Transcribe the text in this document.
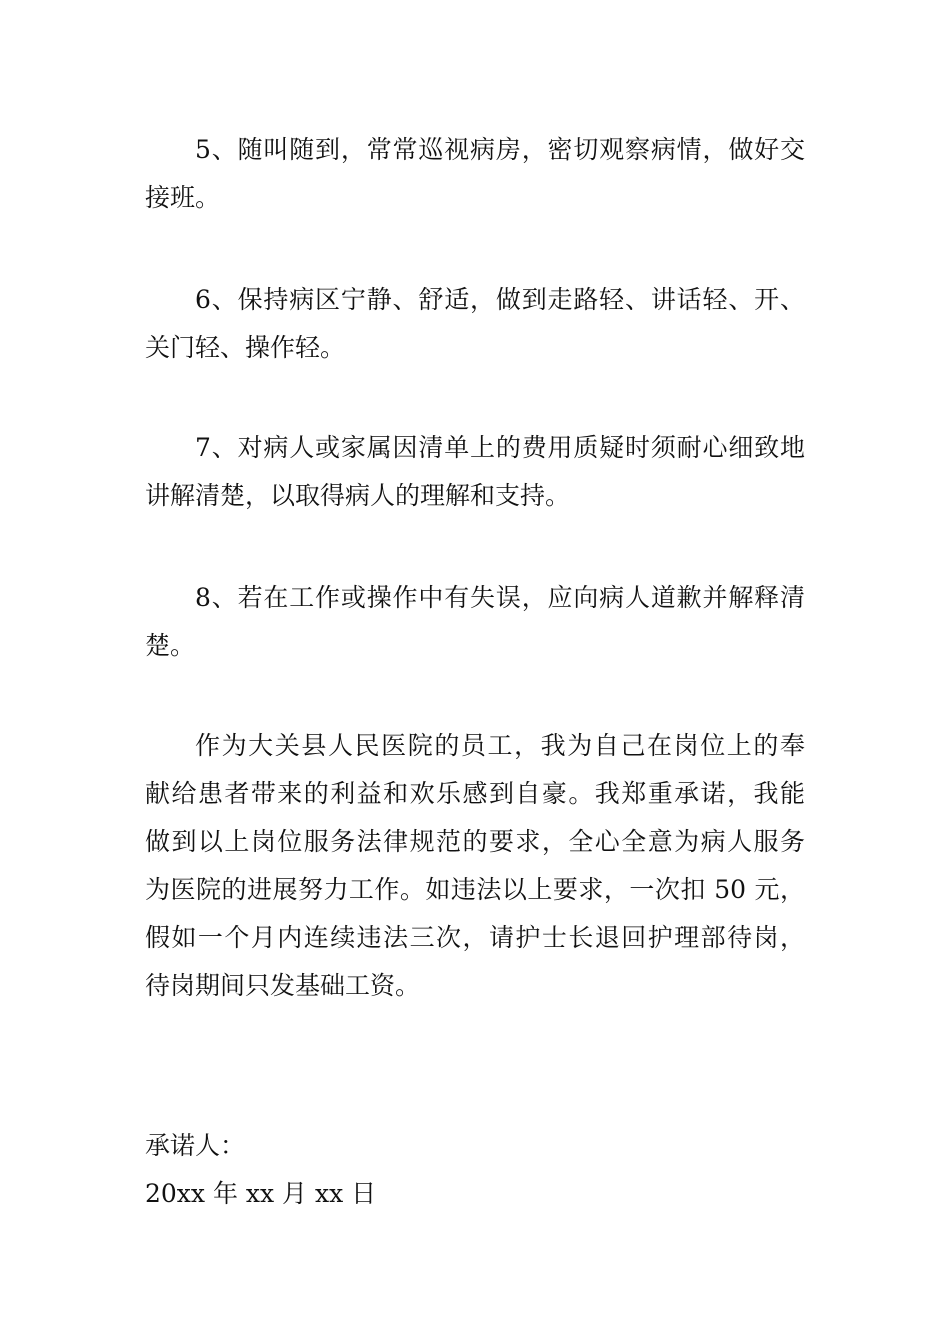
5、随叫随到，常常巡视病房，密切观察病情，做好交
接班。
6、保持病区宁静、舒适，做到走路轻、讲话轻、开、
关门轻、操作轻。
7、对病人或家属因清单上的费用质疑时须耐心细致地
讲解清楚，以取得病人的理解和支持。
8、若在工作或操作中有失误，应向病人道歉并解释清
楚。
作为大关县人民医院的员工，我为自己在岗位上的奉
献给患者带来的利益和欢乐感到自豪。我郑重承诺，我能
做到以上岗位服务法律规范的要求，全心全意为病人服务
为医院的进展努力工作。如违法以上要求，一次扣 50 元，
假如一个月内连续违法三次，请护士长退回护理部待岗，
待岗期间只发基础工资。
承诺人：
20xx 年 xx 月 xx 日
